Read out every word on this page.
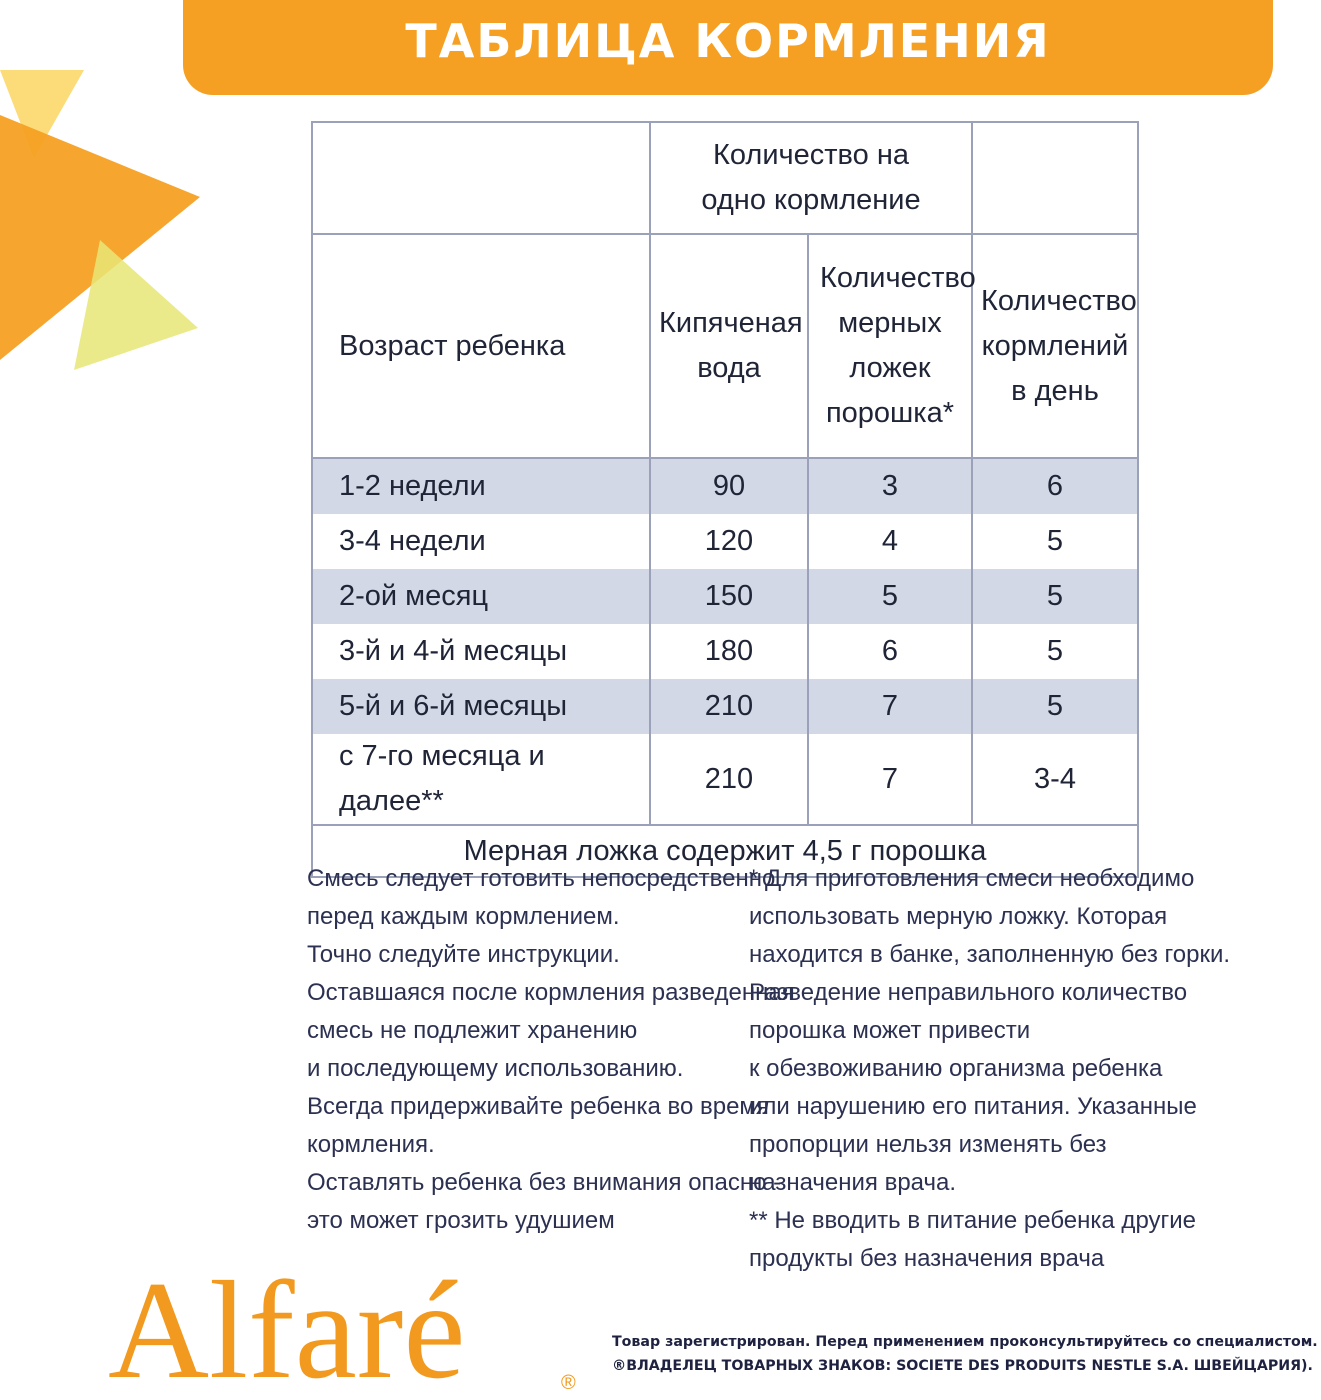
ТАБЛИЦА КОРМЛЕНИЯ

	Количество на одно кормление		

Возраст ребенка	Кипяченая вода	Количество мерных ложек порошка*	Количество кормлений в день

1-2 недели	90	3	6
3-4 недели	120	4	5
2-ой месяц	150	5	5
3-й и 4-й месяцы	180	6	5
5-й и 6-й месяцы	210	7	5
с 7-го месяца и далее**	210	7	3-4
Мерная ложка содержит 4,5 г порошка			
Смесь следует готовить непосредственно
перед каждым кормлением.
Точно следуйте инструкции.
Оставшаяся после кормления разведенная
смесь не подлежит хранению
и последующему использованию.
Всегда придерживайте ребенка во время
кормления.
Оставлять ребенка без внимания опасно -
это может грозить удушием
* Для приготовления смеси необходимо
использовать мерную ложку. Которая
находится в банке, заполненную без горки.
Разведение неправильного количество
порошка может привести
к обезвоживанию организма ребенка
или нарушению его питания. Указанные
пропорции нельзя изменять без
назначения врача.
** Не вводить в питание ребенка другие
продукты без назначения врача
Alfaré	®
Товар зарегистрирован. Перед применением проконсультируйтесь со специалистом.
®ВЛАДЕЛЕЦ ТОВАРНЫХ ЗНАКОВ: SOCIETE DES PRODUITS NESTLE S.A. ШВЕЙЦАРИЯ).
